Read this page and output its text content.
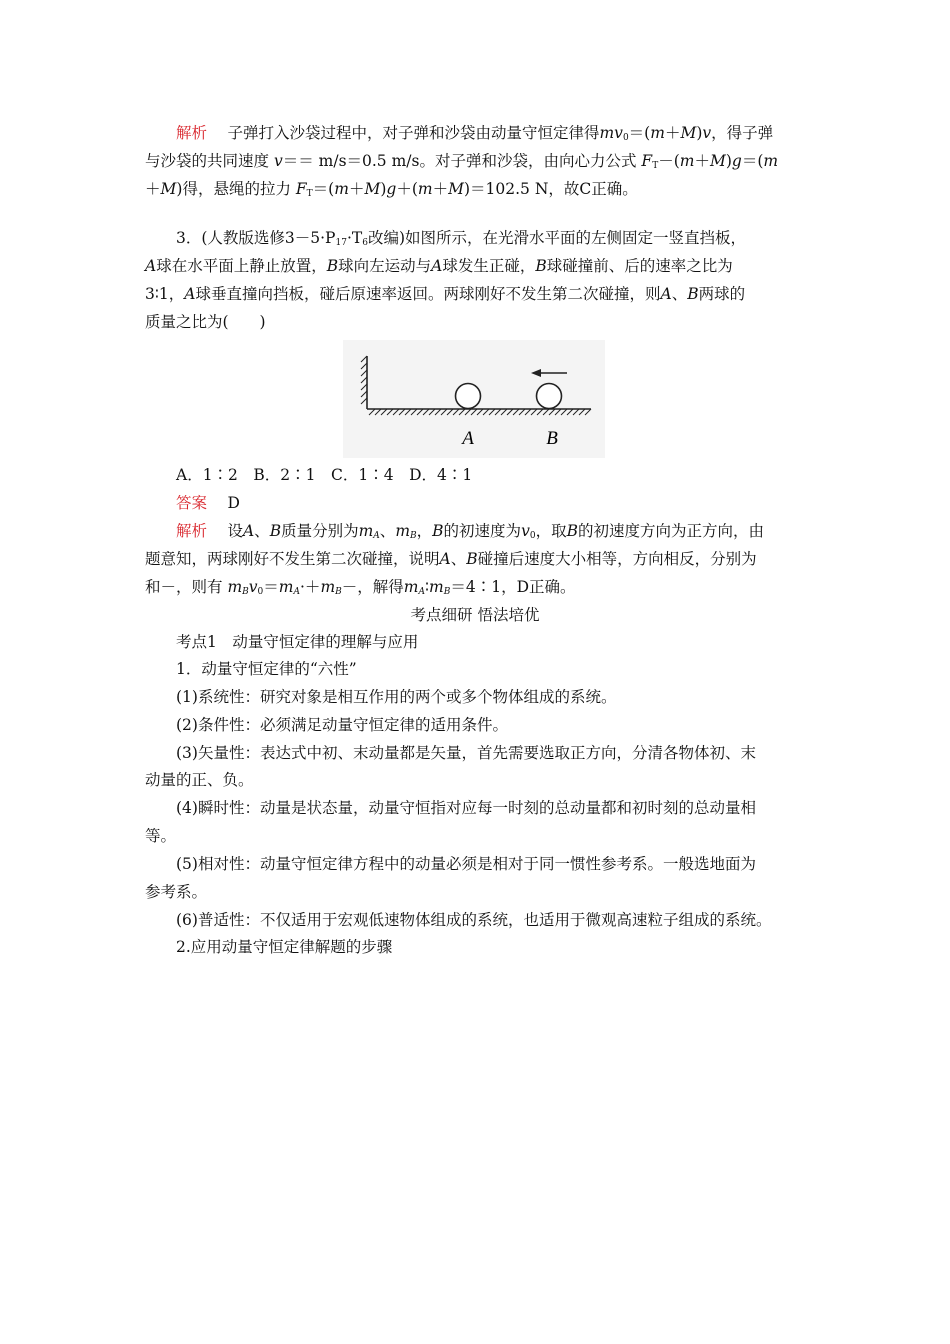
解析　 子弹打入沙袋过程中，对子弹和沙袋由动量守恒定律得$mv_0=(m+M)v$，得子弹
与沙袋的共同速度 v＝＝ m/s＝0.5 m/s。对子弹和沙袋，由向心力公式 $F_T-(m+M)g=(m$
＋M)得，悬绳的拉力 $F_T=(m+M)g+(m+M)=102.5$ N，故C正确。
3．(人教版选修$3-5\cdot P_{17}\cdot T_6$改编)如图所示，在光滑水平面的左侧固定一竖直挡板，
A球在水平面上静止放置，B球向左运动与A球发生正碰，B球碰撞前、后的速率之比为
3∶1，A球垂直撞向挡板，碰后原速率返回。两球刚好不发生第二次碰撞，则A、B两球的
质量之比为(　　)
A	B
A．1∶2　B．2∶1　C．1∶4　D．4∶1
答案　 D
解析　 设A、B质量分别为$m_A$、$m_B$，B的初速度为$v_0$，取B的初速度方向为正方向，由
题意知，两球刚好不发生第二次碰撞，说明A、B碰撞后速度大小相等，方向相反，分别为
和－，则有 $m_Bv_0=m_A\cdot+m_B-$，解得$m_A∶m_B=4∶1$，D正确。
考点细研 悟法培优
考点1　动量守恒定律的理解与应用
1．动量守恒定律的“六性”
(1)系统性：研究对象是相互作用的两个或多个物体组成的系统。
(2)条件性：必须满足动量守恒定律的适用条件。
(3)矢量性：表达式中初、末动量都是矢量，首先需要选取正方向，分清各物体初、末
动量的正、负。
(4)瞬时性：动量是状态量，动量守恒指对应每一时刻的总动量都和初时刻的总动量相
等。
(5)相对性：动量守恒定律方程中的动量必须是相对于同一惯性参考系。一般选地面为
参考系。
(6)普适性：不仅适用于宏观低速物体组成的系统，也适用于微观高速粒子组成的系统。
2.应用动量守恒定律解题的步骤
